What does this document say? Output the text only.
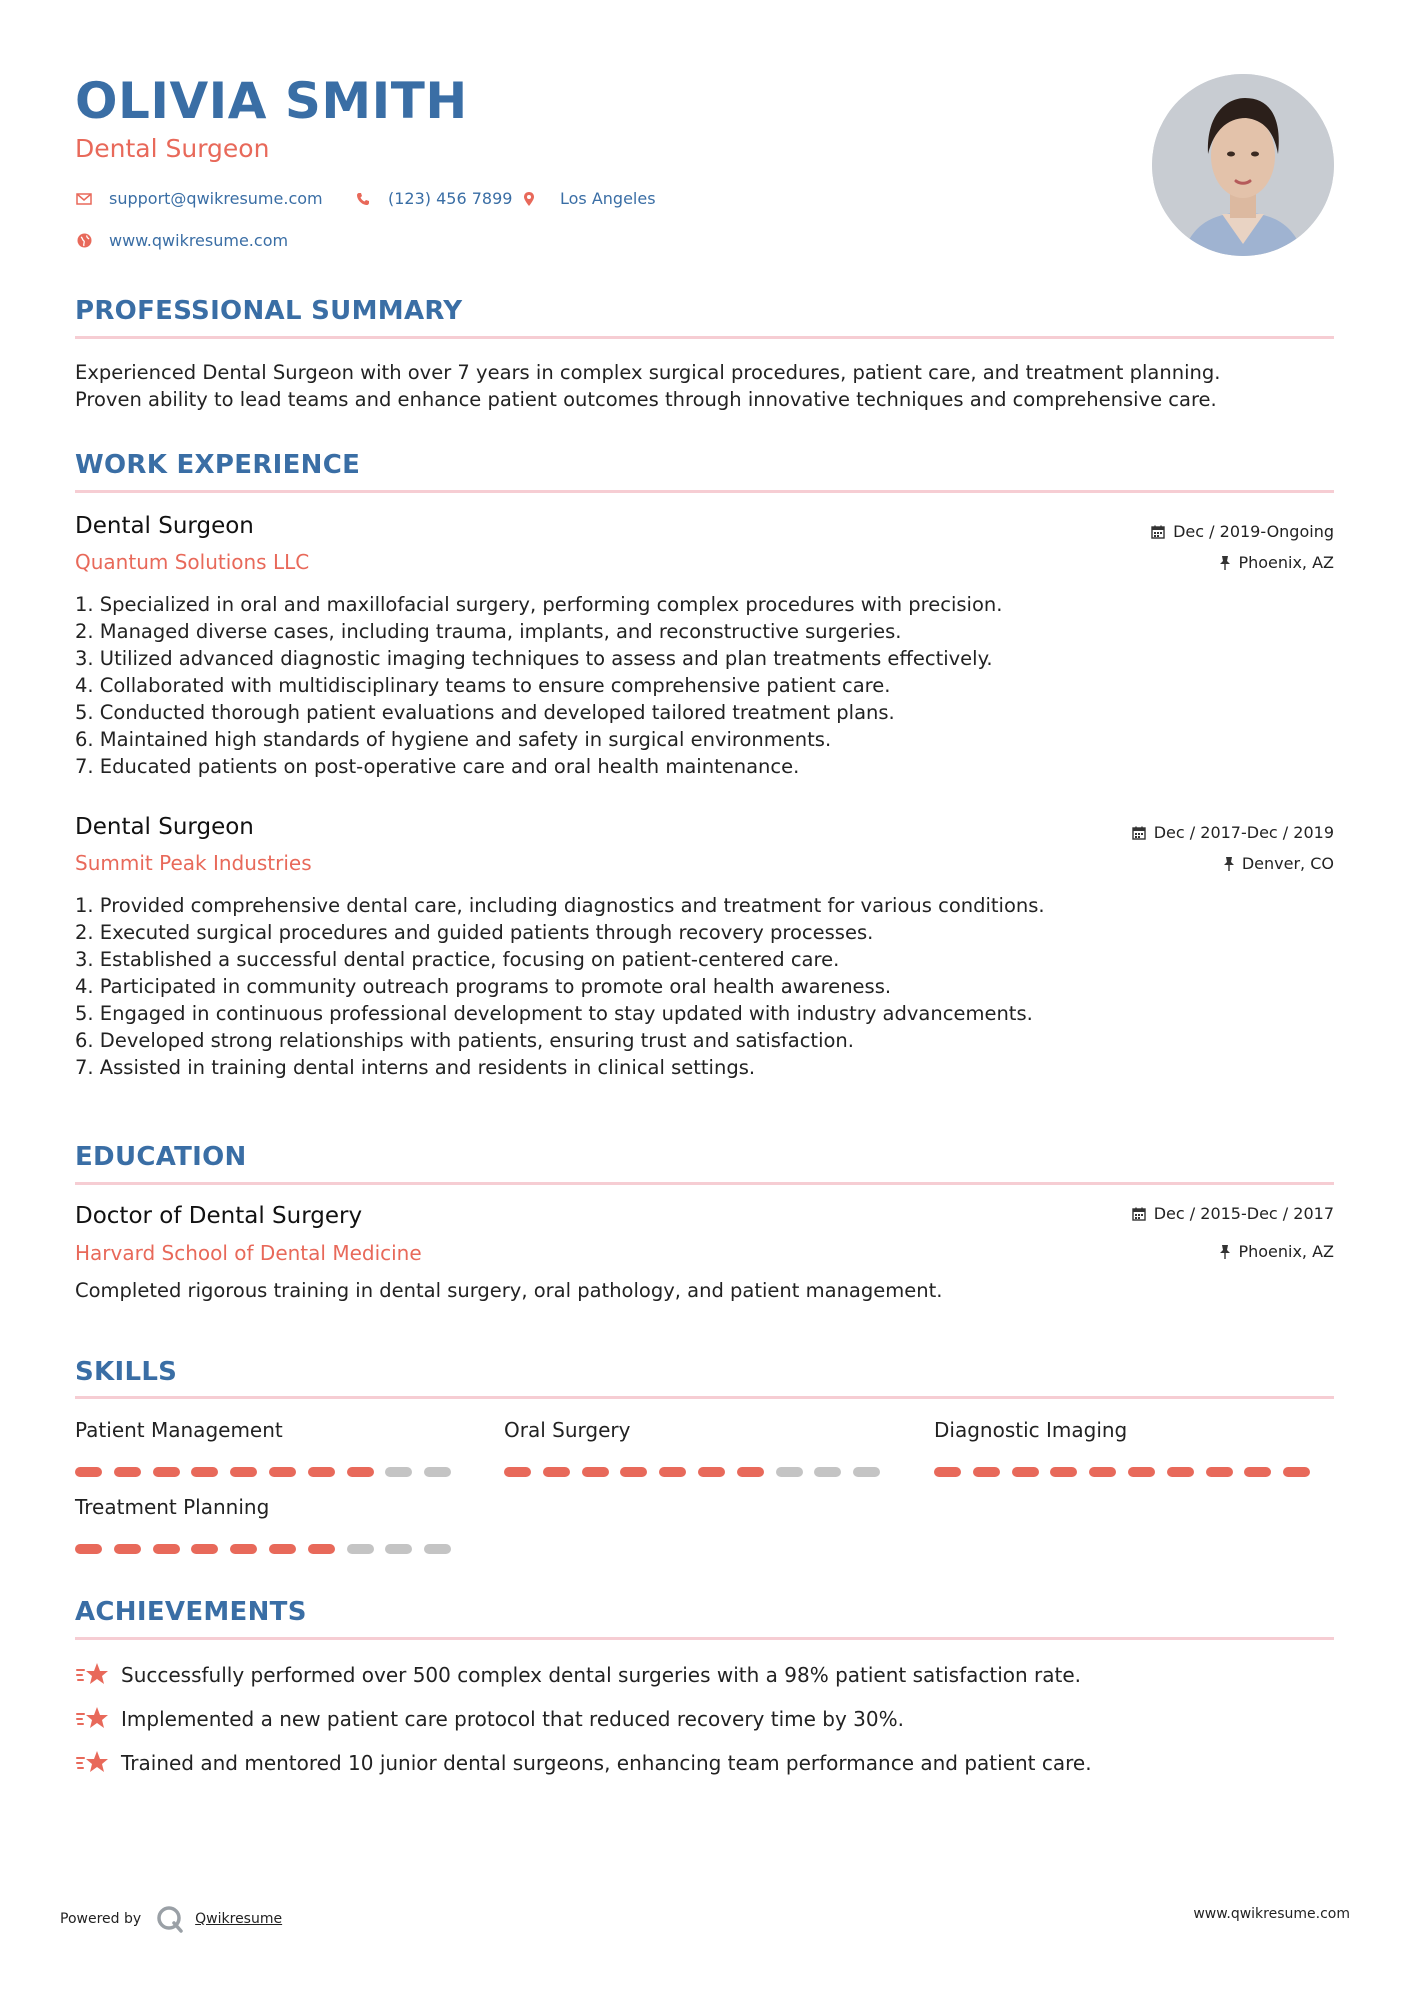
OLIVIA SMITH
Dental Surgeon
support@qwikresume.com	(123) 456 7899	Los Angeles
www.qwikresume.com
PROFESSIONAL SUMMARY
Experienced Dental Surgeon with over 7 years in complex surgical procedures, patient care, and treatment planning.
Proven ability to lead teams and enhance patient outcomes through innovative techniques and comprehensive care.
WORK EXPERIENCE
Dental Surgeon
Quantum Solutions LLC
Dec / 2019-Ongoing
Phoenix, AZ
1. Specialized in oral and maxillofacial surgery, performing complex procedures with precision.
2. Managed diverse cases, including trauma, implants, and reconstructive surgeries.
3. Utilized advanced diagnostic imaging techniques to assess and plan treatments effectively.
4. Collaborated with multidisciplinary teams to ensure comprehensive patient care.
5. Conducted thorough patient evaluations and developed tailored treatment plans.
6. Maintained high standards of hygiene and safety in surgical environments.
7. Educated patients on post-operative care and oral health maintenance.
Dental Surgeon
Summit Peak Industries
Dec / 2017-Dec / 2019
Denver, CO
1. Provided comprehensive dental care, including diagnostics and treatment for various conditions.
2. Executed surgical procedures and guided patients through recovery processes.
3. Established a successful dental practice, focusing on patient-centered care.
4. Participated in community outreach programs to promote oral health awareness.
5. Engaged in continuous professional development to stay updated with industry advancements.
6. Developed strong relationships with patients, ensuring trust and satisfaction.
7. Assisted in training dental interns and residents in clinical settings.
EDUCATION
Doctor of Dental Surgery
Harvard School of Dental Medicine
Dec / 2015-Dec / 2017
Phoenix, AZ
Completed rigorous training in dental surgery, oral pathology, and patient management.
SKILLS
Patient Management	Oral Surgery	Diagnostic Imaging
Treatment Planning
ACHIEVEMENTS
Successfully performed over 500 complex dental surgeries with a 98% patient satisfaction rate.
Implemented a new patient care protocol that reduced recovery time by 30%.
Trained and mentored 10 junior dental surgeons, enhancing team performance and patient care.
Powered by	Qwikresume	www.qwikresume.com
